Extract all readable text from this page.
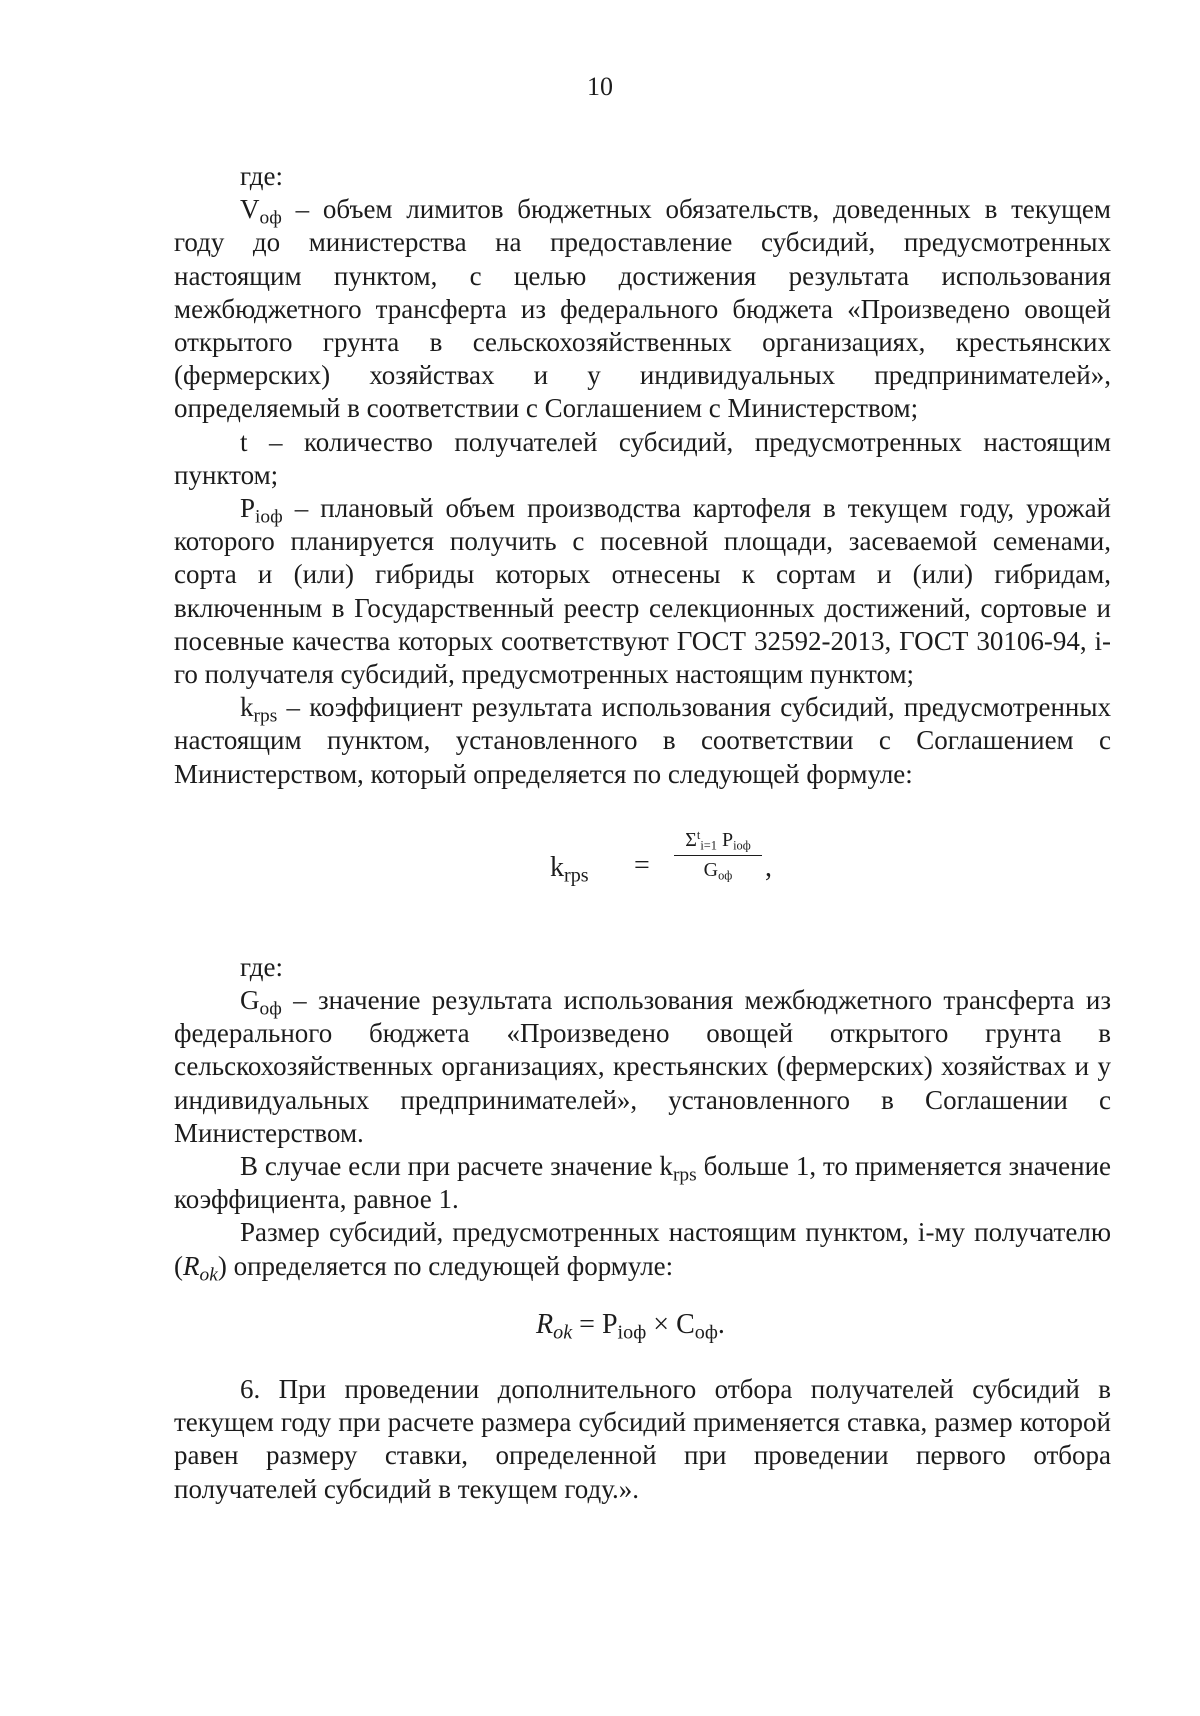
10

где:

$V_{оф}$ – объем лимитов бюджетных обязательств, доведенных в текущем году до министерства на предоставление субсидий, предусмотренных настоящим пунктом, с целью достижения результата использования межбюджетного трансферта из федерального бюджета «Произведено овощей открытого грунта в сельскохозяйственных организациях, крестьянских (фермерских) хозяйствах и у индивидуальных предпринимателей», определяемый в соответствии с Соглашением с Министерством;

t – количество получателей субсидий, предусмотренных настоящим пунктом;

$P_{iоф}$ – плановый объем производства картофеля в текущем году, урожай которого планируется получить с посевной площади, засеваемой семенами, сорта и (или) гибриды которых отнесены к сортам и (или) гибридам, включенным в Государственный реестр селекционных достижений, сортовые и посевные качества которых соответствуют ГОСТ 32592-2013, ГОСТ 30106-94, i-го получателя субсидий, предусмотренных настоящим пунктом;

$k_{rps}$ – коэффициент результата использования субсидий, предусмотренных настоящим пунктом, установленного в соответствии с Соглашением с Министерством, который определяется по следующей формуле:

$k_{rps}$ =
$\Sigma^ti=1$ Piоф
Gоф	,

где:

$G_{оф}$ – значение результата использования межбюджетного трансферта из федерального бюджета «Произведено овощей открытого грунта в сельскохозяйственных организациях, крестьянских (фермерских) хозяйствах и у индивидуальных предпринимателей», установленного в Соглашении с Министерством.

В случае если при расчете значение $k_{rps}$ больше 1, то применяется значение коэффициента, равное 1.

Размер субсидий, предусмотренных настоящим пунктом, i-му получателю $(R_{ok})$ определяется по следующей формуле:

$R_{ok} = P_{iоф} \times C_{оф}$.

6. При проведении дополнительного отбора получателей субсидий в текущем году при расчете размера субсидий применяется ставка, размер которой равен размеру ставки, определенной при проведении первого отбора получателей субсидий в текущем году.».
